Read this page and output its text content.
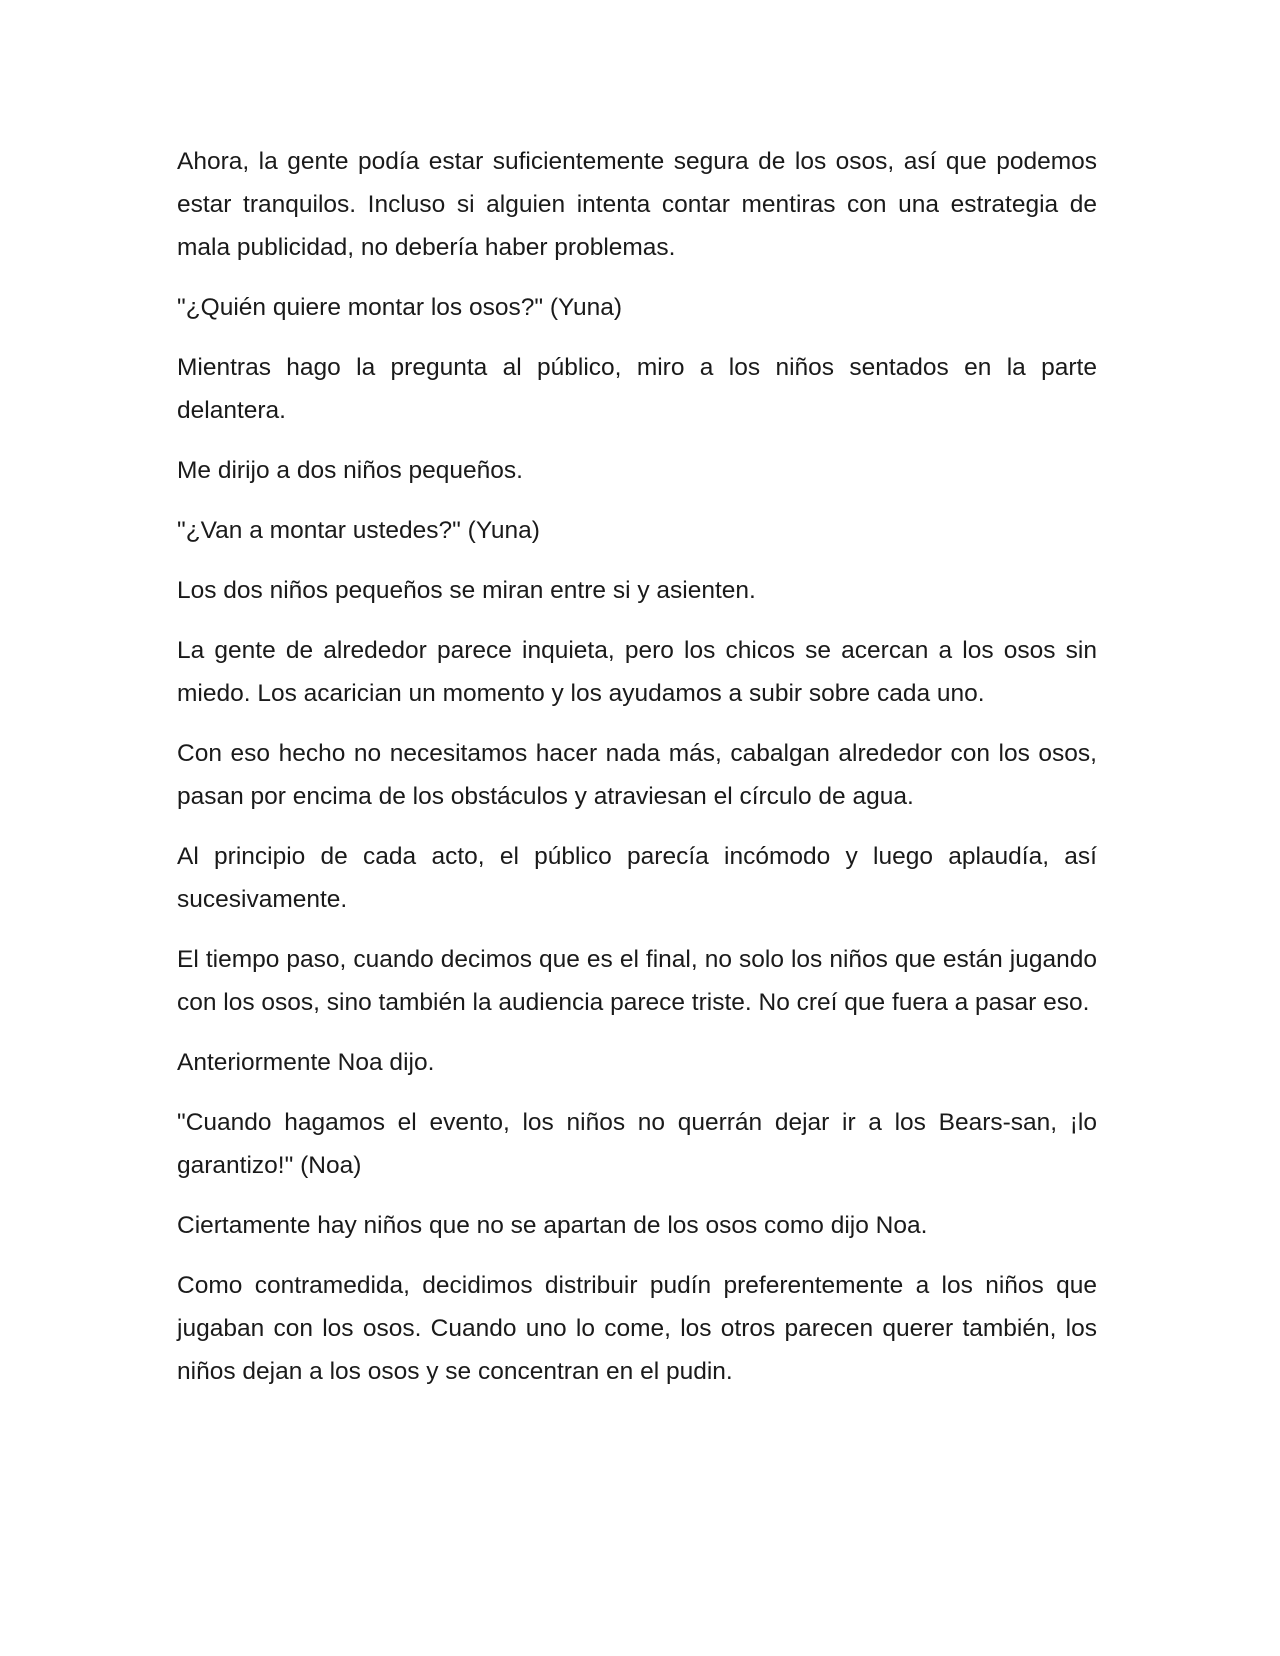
Ahora, la gente podía estar suficientemente segura de los osos, así que podemos estar tranquilos. Incluso si alguien intenta contar mentiras con una estrategia de mala publicidad, no debería haber problemas.

"¿Quién quiere montar los osos?" (Yuna)

Mientras hago la pregunta al público, miro a los niños sentados en la parte delantera.

Me dirijo a dos niños pequeños.

"¿Van a montar ustedes?" (Yuna)

Los dos niños pequeños se miran entre si y asienten.

La gente de alrededor parece inquieta, pero los chicos se acercan a los osos sin miedo. Los acarician un momento y los ayudamos a subir sobre cada uno.

Con eso hecho no necesitamos hacer nada más, cabalgan alrededor con los osos, pasan por encima de los obstáculos y atraviesan el círculo de agua.

Al principio de cada acto, el público parecía incómodo y luego aplaudía, así sucesivamente.

El tiempo paso, cuando decimos que es el final, no solo los niños que están jugando con los osos, sino también la audiencia parece triste. No creí que fuera a pasar eso.

Anteriormente Noa dijo.

"Cuando hagamos el evento, los niños no querrán dejar ir a los Bears-san, ¡lo garantizo!" (Noa)

Ciertamente hay niños que no se apartan de los osos como dijo Noa.

Como contramedida, decidimos distribuir pudín preferentemente a los niños que jugaban con los osos. Cuando uno lo come, los otros parecen querer también, los niños dejan a los osos y se concentran en el pudin.
